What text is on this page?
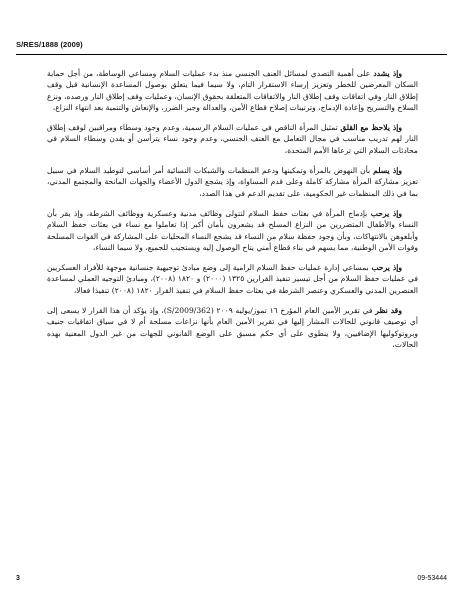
S/RES/1888 (2009)

وإذ يشدد على أهمية التصدي لمسائل العنف الجنسي منذ بدء عمليات السلام ومساعي الوساطة، من أجل حماية السكان المعرضين للخطر وتعزيز إرساء الاستقرار التام، ولا سيما فيما يتعلق بوصول المساعدة الإنسانية قبل وقف إطلاق النار وفي اتفاقات وقف إطلاق النار والاتفاقات المتعلقة بحقوق الإنسان، وعمليات وقف إطلاق النار ورصده، ونزع السلاح والتسريح وإعادة الإدماج، وترتيبات إصلاح قطاع الأمن، والعدالة وجبر الضرر، والإنعاش والتنمية بعد انتهاء النزاع،

وإذ يلاحظ مع القلق تمثيل المرأة الناقص في عمليات السلام الرسمية، وعدم وجود وسطاء ومراقبين لوقف إطلاق النار لهم تدريب مناسب في مجال التعامل مع العنف الجنسي، وعدم وجود نساء يترأسن أو يقدن وسطاء السلام في محادثات السلام التي ترعاها الأمم المتحدة،

وإذ يسلم بأن النهوض بالمرأة وتمكينها ودعم المنظمات والشبكات النسائية أمر أساسي لتوطيد السلام في سبيل تعزيز مشاركة المرأة مشاركة كاملة وعلى قدم المساواة، وإذ يشجع الدول الأعضاء والجهات المانحة والمجتمع المدني، بما في ذلك المنظمات غير الحكومية، على تقديم الدعم في هذا الصدد،

وإذ يرحب بإدماج المرأة في بعثات حفظ السلام لتتولى وظائف مدنية وعسكرية ووظائف الشرطة، وإذ يقر بأن النساء والأطفال المتضررين من النزاع المسلح قد يشعرون بأمان أكبر إذا تعاملوا مع نساء في بعثات حفظ السلام وأبلغوهن بالانتهاكات، وبأن وجود حفظة سلام من النساء قد يشجع النساء المحليات على المشاركة في القوات المسلحة وقوات الأمن الوطنية، مما يسهم في بناء قطاع أمني يتاح الوصول إليه ويستجيب للجميع، ولا سيما النساء،

وإذ يرحب بمساعي إدارة عمليات حفظ السلام الرامية إلى وضع مبادئ توجيهية جنسانية موجهة للأفراد العسكريين في عمليات حفظ السلام من أجل تيسير تنفيذ القرارين ١٣٢٥ (٢٠٠٠) و ١٨٢٠ (٢٠٠٨)، ومبادئ التوجيه العملي لمساعدة العنصرين المدني والعسكري وعنصر الشرطة في بعثات حفظ السلام في تنفيذ القرار ١٨٢٠ (٢٠٠٨) تنفيذا فعالا،

وقد نظر في تقرير الأمين العام المؤرخ ١٦ تموز/يوليه ٢٠٠٩ (S/2009/362)، وإذ يؤكد أن هذا القرار لا يسعى إلى أي توصيف قانوني للحالات المشار إليها في تقرير الأمين العام بأنها نزاعات مسلحة أم لا في سياق اتفاقيات جنيف وبروتوكوليها الإضافيين، ولا ينطوي على أي حكم مسبق على الوضع القانوني للجهات من غير الدول المعنية بهذه الحالات،

3	09-53444
